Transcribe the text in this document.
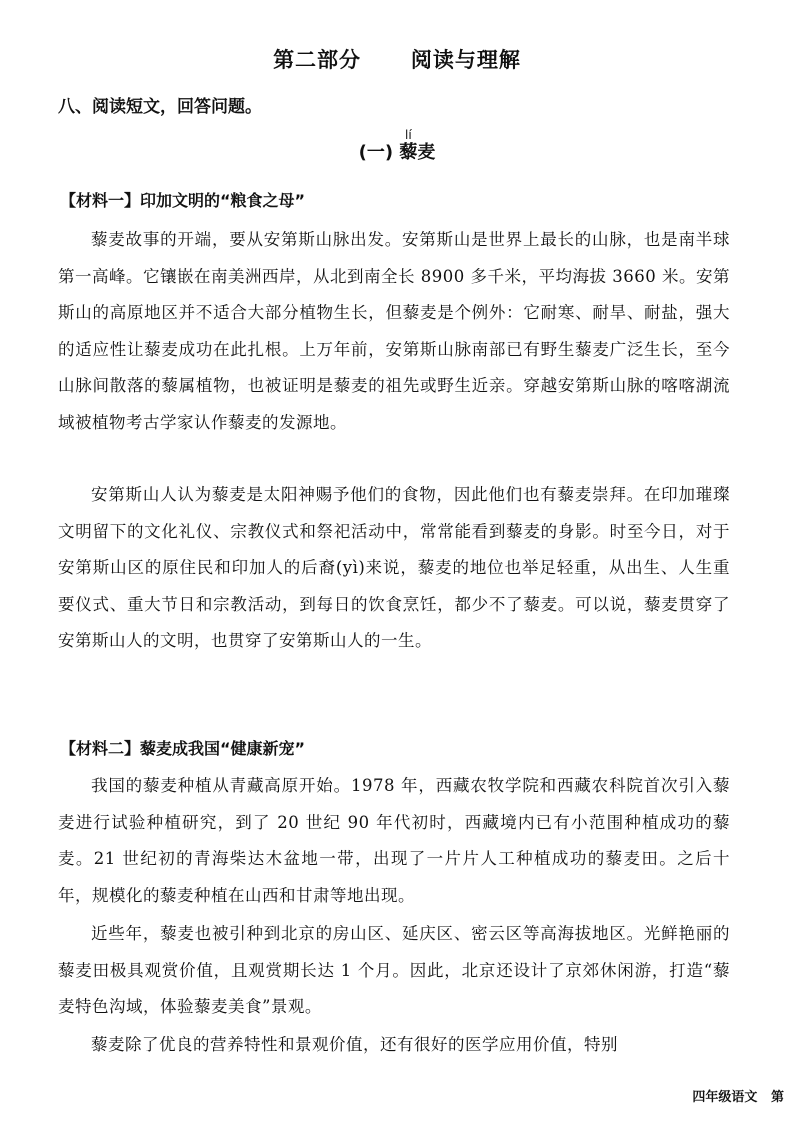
第二部分      阅读与理解
八、阅读短文，回答问题。
(一) 藜lí麦
【材料一】印加文明的“粮食之母”

藜麦故事的开端，要从安第斯山脉出发。安第斯山是世界上最长的山脉，也是南半球第一高峰。它镶嵌在南美洲西岸，从北到南全长 8900 多千米，平均海拔 3660 米。安第斯山的高原地区并不适合大部分植物生长，但藜麦是个例外：它耐寒、耐旱、耐盐，强大的适应性让藜麦成功在此扎根。上万年前，安第斯山脉南部已有野生藜麦广泛生长，至今山脉间散落的藜属植物，也被证明是藜麦的祖先或野生近亲。穿越安第斯山脉的喀喀湖流域被植物考古学家认作藜麦的发源地。

安第斯山人认为藜麦是太阳神赐予他们的食物，因此他们也有藜麦崇拜。在印加璀璨文明留下的文化礼仪、宗教仪式和祭祀活动中，常常能看到藜麦的身影。时至今日，对于安第斯山区的原住民和印加人的后裔(yì)来说，藜麦的地位也举足轻重，从出生、人生重要仪式、重大节日和宗教活动，到每日的饮食烹饪，都少不了藜麦。可以说，藜麦贯穿了安第斯山人的文明，也贯穿了安第斯山人的一生。

【材料二】藜麦成我国“健康新宠”

我国的藜麦种植从青藏高原开始。1978 年，西藏农牧学院和西藏农科院首次引入藜麦进行试验种植研究，到了 20 世纪 90 年代初时，西藏境内已有小范围种植成功的藜麦。21 世纪初的青海柴达木盆地一带，出现了一片片人工种植成功的藜麦田。之后十年，规模化的藜麦种植在山西和甘肃等地出现。

近些年，藜麦也被引种到北京的房山区、延庆区、密云区等高海拔地区。光鲜艳丽的藜麦田极具观赏价值，且观赏期长达 1 个月。因此，北京还设计了京郊休闲游，打造“藜麦特色沟域，体验藜麦美食”景观。

藜麦除了优良的营养特性和景观价值，还有很好的医学应用价值，特别

四年级语文   第
